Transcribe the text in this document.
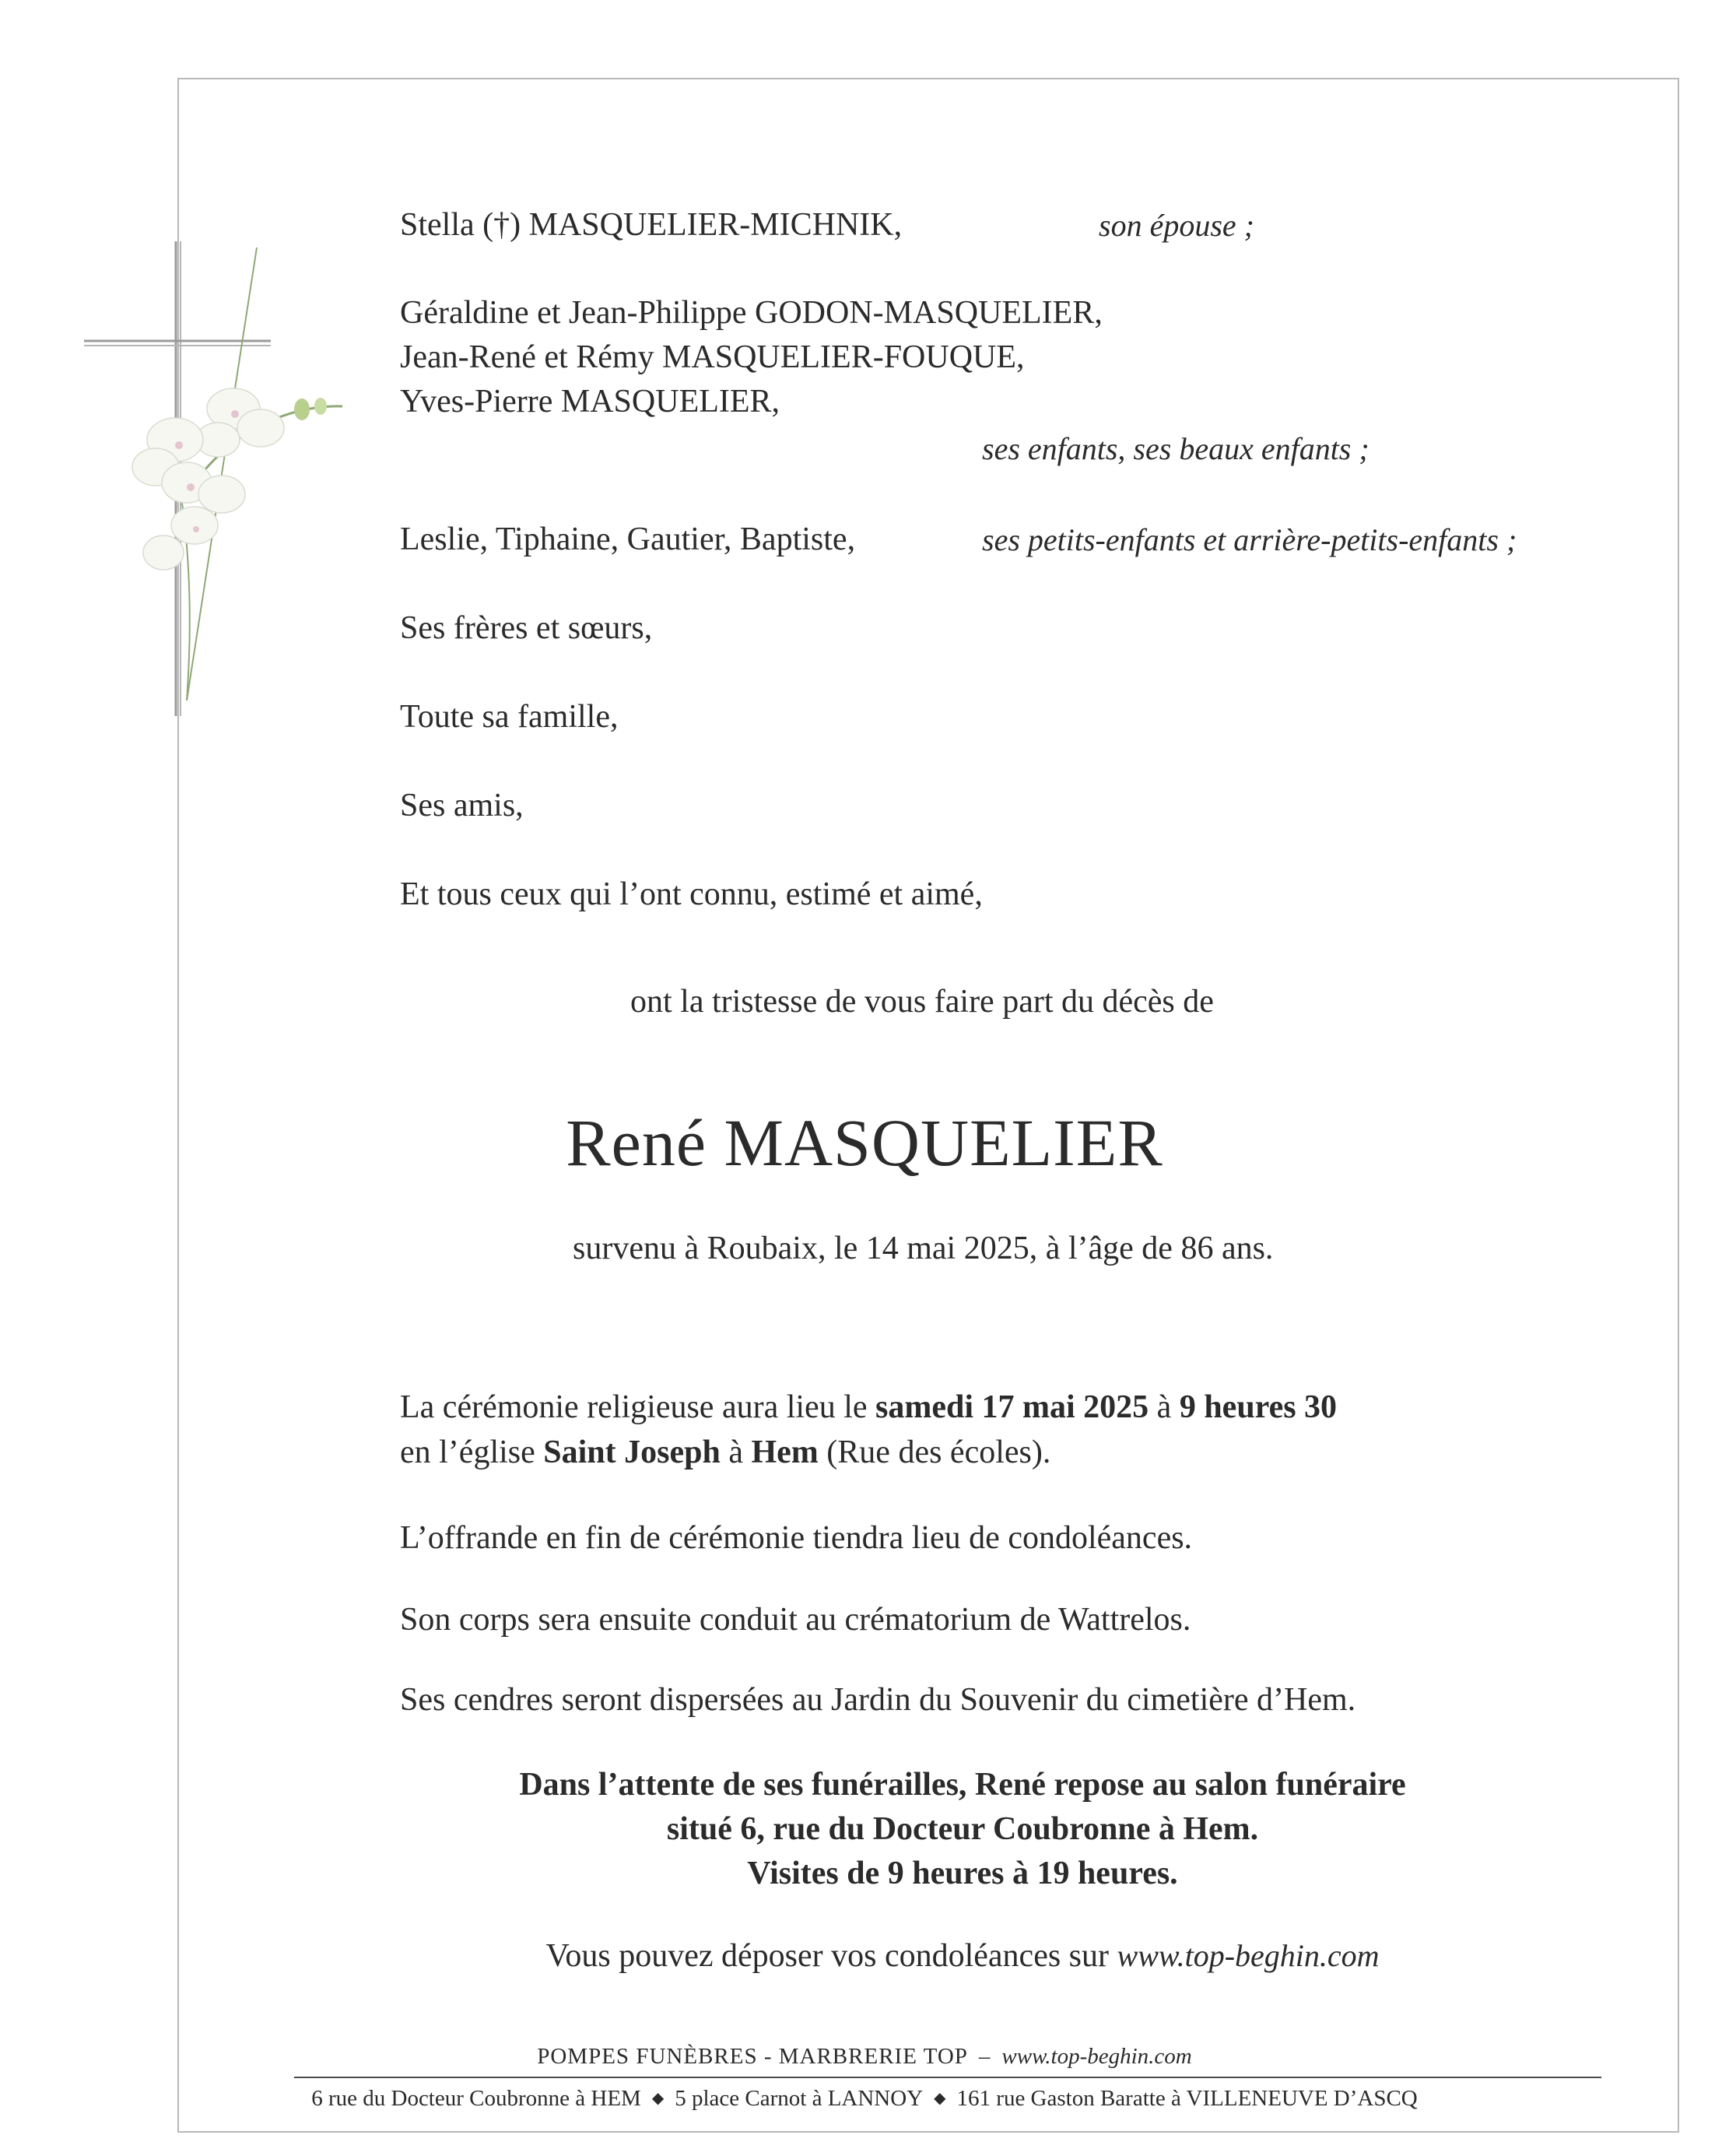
Stella (†) MASQUELIER-MICHNIK,	son épouse ;
Géraldine et Jean-Philippe GODON-MASQUELIER,
Jean-René et Rémy MASQUELIER-FOUQUE,
Yves-Pierre MASQUELIER,
ses enfants, ses beaux enfants ;
Leslie, Tiphaine, Gautier, Baptiste,	ses petits-enfants et arrière-petits-enfants ;
Ses frères et sœurs,
Toute sa famille,
Ses amis,
Et tous ceux qui l’ont connu, estimé et aimé,
ont la tristesse de vous faire part du décès de
René MASQUELIER
survenu à Roubaix, le 14 mai 2025, à l’âge de 86 ans.
La cérémonie religieuse aura lieu le samedi 17 mai 2025 à 9 heures 30
en l’église Saint Joseph à Hem (Rue des écoles).
L’offrande en fin de cérémonie tiendra lieu de condoléances.
Son corps sera ensuite conduit au crématorium de Wattrelos.
Ses cendres seront dispersées au Jardin du Souvenir du cimetière d’Hem.
Dans l’attente de ses funérailles, René repose au salon funéraire
situé 6, rue du Docteur Coubronne à Hem.
Visites de 9 heures à 19 heures.
Vous pouvez déposer vos condoléances sur www.top-beghin.com
POMPES FUNÈBRES - MARBRERIE TOP – www.top-beghin.com
6 rue du Docteur Coubronne à HEM ◆ 5 place Carnot à LANNOY ◆ 161 rue Gaston Baratte à VILLENEUVE D’ASCQ
